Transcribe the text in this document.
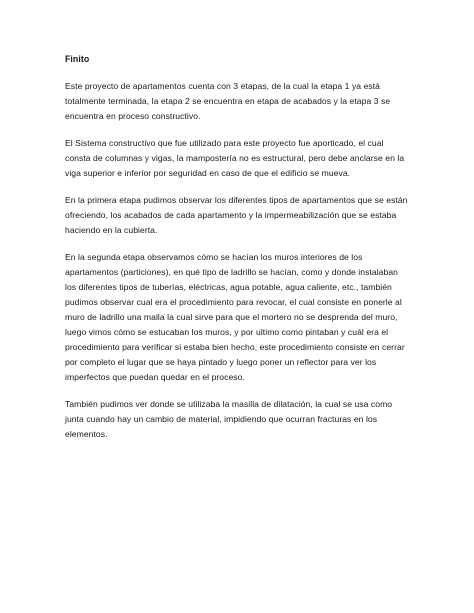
Finito

Este proyecto de apartamentos cuenta con 3 etapas, de la cual la etapa 1 ya está totalmente terminada, la etapa 2 se encuentra en etapa de acabados y la etapa 3 se encuentra en proceso constructivo.

El Sistema constructivo que fue utilizado para este proyecto fue aporticado, el cual consta de columnas y vigas, la mampostería no es estructural, pero debe anclarse en la viga superior e inferior por seguridad en caso de que el edificio se mueva.

En la primera etapa pudimos observar los diferentes tipos de apartamentos que se están ofreciendo, los acabados de cada apartamento y la impermeabilización que se estaba haciendo en la cubierta.

En la segunda etapa observamos cómo se hacían los muros interiores de los apartamentos (particiones), en qué tipo de ladrillo se hacían, como y donde instalaban los diferentes tipos de tuberías, eléctricas, agua potable, agua caliente, etc., también pudimos observar cual era el procedimiento para revocar, el cual consiste en ponerle al muro de ladrillo una malla la cual sirve para que el mortero no se desprenda del muro, luego vimos cómo se estucaban los muros, y por ultimo como pintaban y cuál era el procedimiento para verificar si estaba bien hecho, este procedimiento consiste en cerrar por completo el lugar que se haya pintado y luego poner un reflector para ver los imperfectos que puedan quedar en el proceso.

También pudimos ver donde se utilizaba la masilla de dilatación, la cual se usa como junta cuando hay un cambio de material, impidiendo que ocurran fracturas en los elementos.
